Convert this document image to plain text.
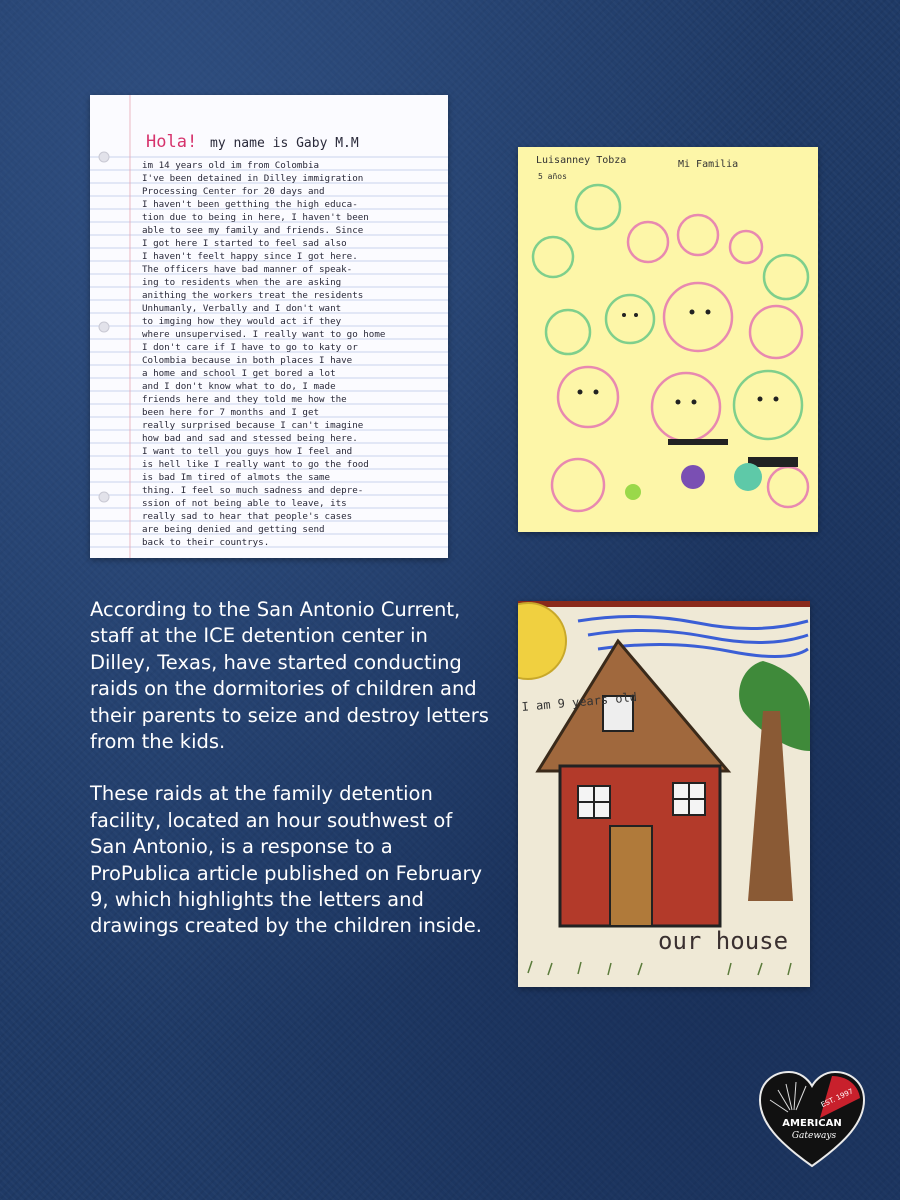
Hola! my name is Gaby M.M
im 14 years old im from Colombia
I've been detained in Dilley immigration
Processing Center for 20 days and
I haven't been getthing the high educa-
tion due to being in here, I haven't been
able to see my family and friends. Since
I got here I started to feel sad also
I haven't feelt happy since I got here.
The officers have bad manner of speak-
ing to residents when the are asking
anithing the workers treat the residents
Unhumanly, Verbally and I don't want
to imging how they would act if they
where unsupervised. I really want to go home
I don't care if I have to go to katy or
Colombia because in both places I have
a home and school I get bored a lot
and I don't know what to do, I made
friends here and they told me how the
been here for 7 months and I get
really surprised because I can't imagine
how bad and sad and stessed being here.
I want to tell you guys how I feel and
is hell like I really want to go the food
is bad Im tired of almots the same
thing. I feel so much sadness and depre-
ssion of not being able to leave, its
really sad to hear that people's cases
are being denied and getting send
back to their countrys.
Luisanney Tobza
5 años
Mi Familia
I am 9 years old
our house

According to the San Antonio Current, staff at the ICE detention center in Dilley, Texas, have started conducting raids on the dormitories of children and their parents to seize and destroy letters from the kids.

These raids at the family detention facility, located an hour southwest of San Antonio, is a response to a ProPublica article published on February 9, which highlights the letters and drawings created by the children inside.

EST. 1997
AMERICAN
Gateways
